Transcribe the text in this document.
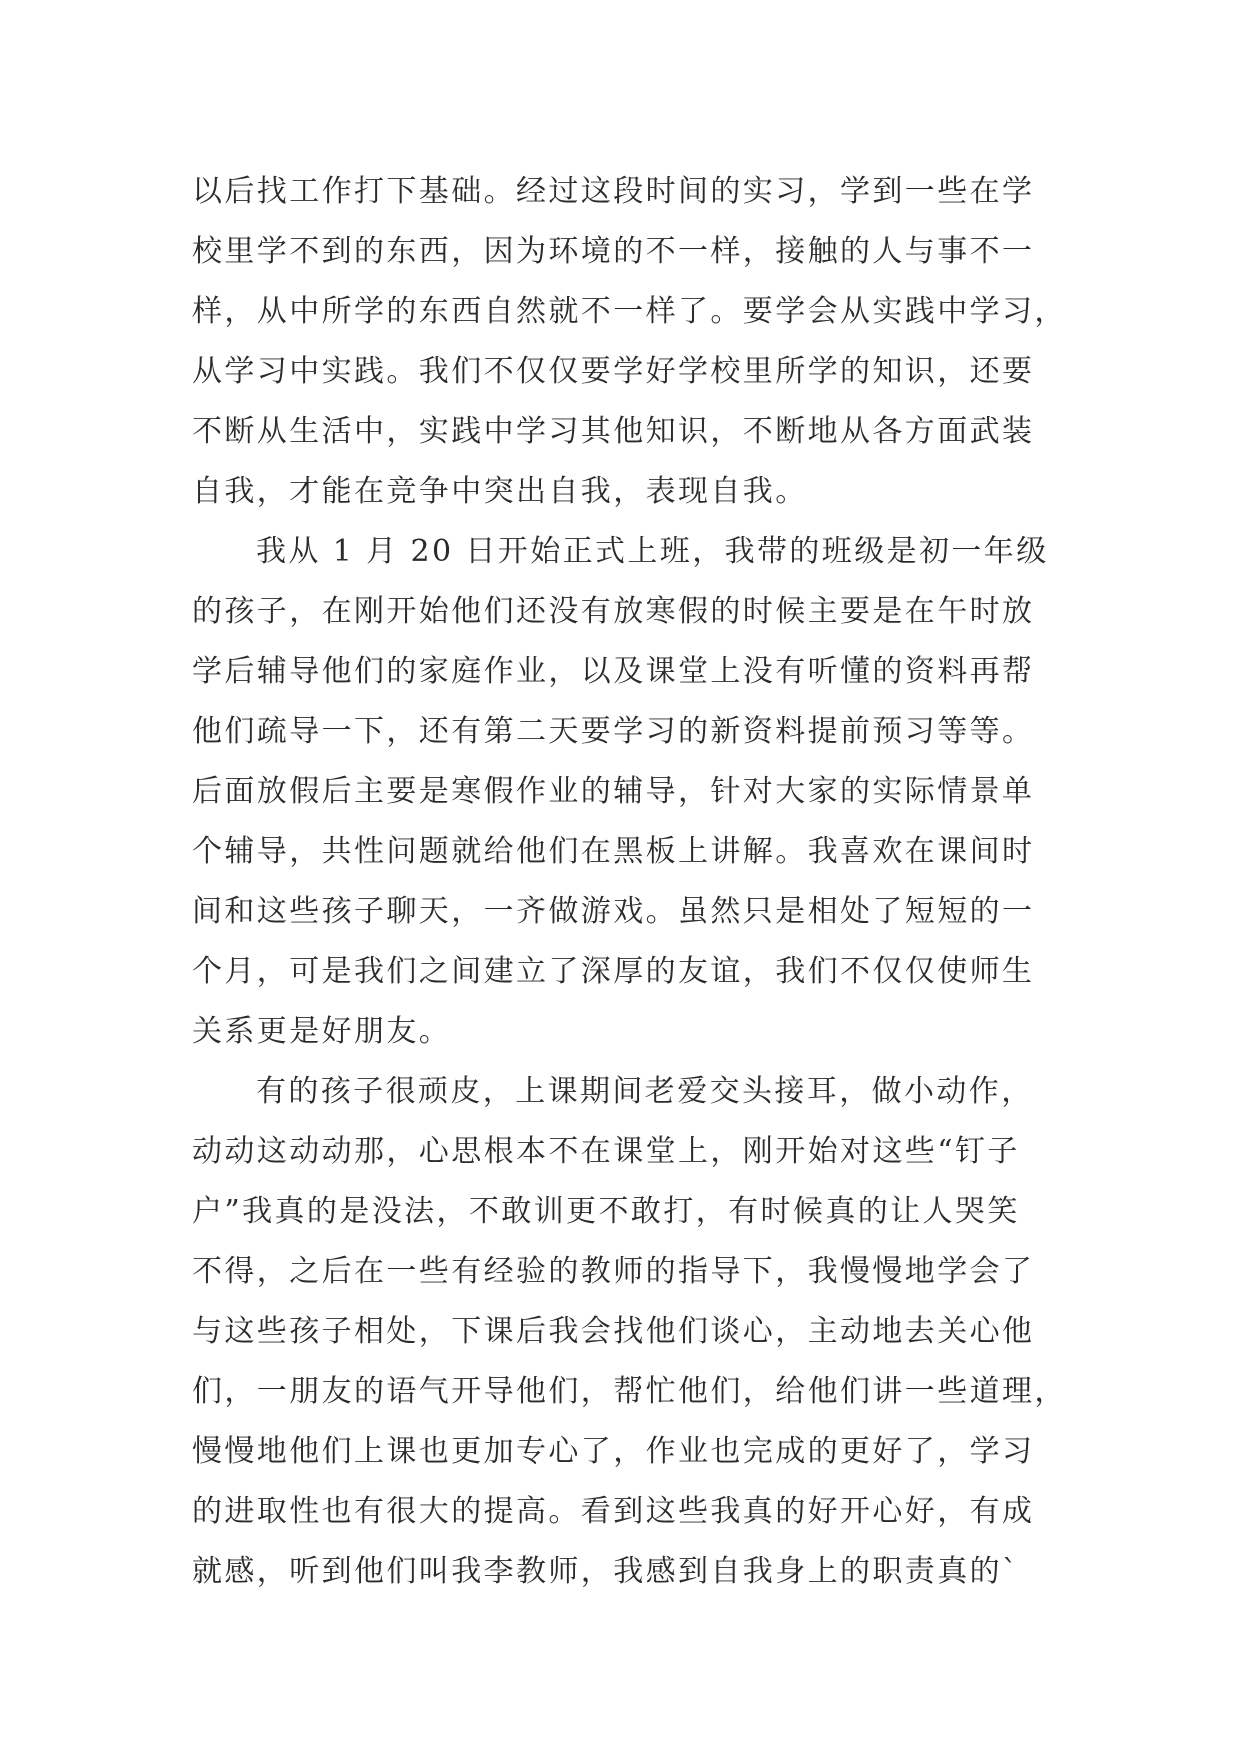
以后找工作打下基础。经过这段时间的实习，学到一些在学
校里学不到的东西，因为环境的不一样，接触的人与事不一
样，从中所学的东西自然就不一样了。要学会从实践中学习，
从学习中实践。我们不仅仅要学好学校里所学的知识，还要
不断从生活中，实践中学习其他知识，不断地从各方面武装
自我，才能在竞争中突出自我，表现自我。
我从 1 月 20 日开始正式上班，我带的班级是初一年级
的孩子，在刚开始他们还没有放寒假的时候主要是在午时放
学后辅导他们的家庭作业，以及课堂上没有听懂的资料再帮
他们疏导一下，还有第二天要学习的新资料提前预习等等。
后面放假后主要是寒假作业的辅导，针对大家的实际情景单
个辅导，共性问题就给他们在黑板上讲解。我喜欢在课间时
间和这些孩子聊天，一齐做游戏。虽然只是相处了短短的一
个月，可是我们之间建立了深厚的友谊，我们不仅仅使师生
关系更是好朋友。
有的孩子很顽皮，上课期间老爱交头接耳，做小动作，
动动这动动那，心思根本不在课堂上，刚开始对这些“钉子
户”我真的是没法，不敢训更不敢打，有时候真的让人哭笑
不得，之后在一些有经验的教师的指导下，我慢慢地学会了
与这些孩子相处，下课后我会找他们谈心，主动地去关心他
们，一朋友的语气开导他们，帮忙他们，给他们讲一些道理，
慢慢地他们上课也更加专心了，作业也完成的更好了，学习
的进取性也有很大的提高。看到这些我真的好开心好，有成
就感，听到他们叫我李教师，我感到自我身上的职责真的`
